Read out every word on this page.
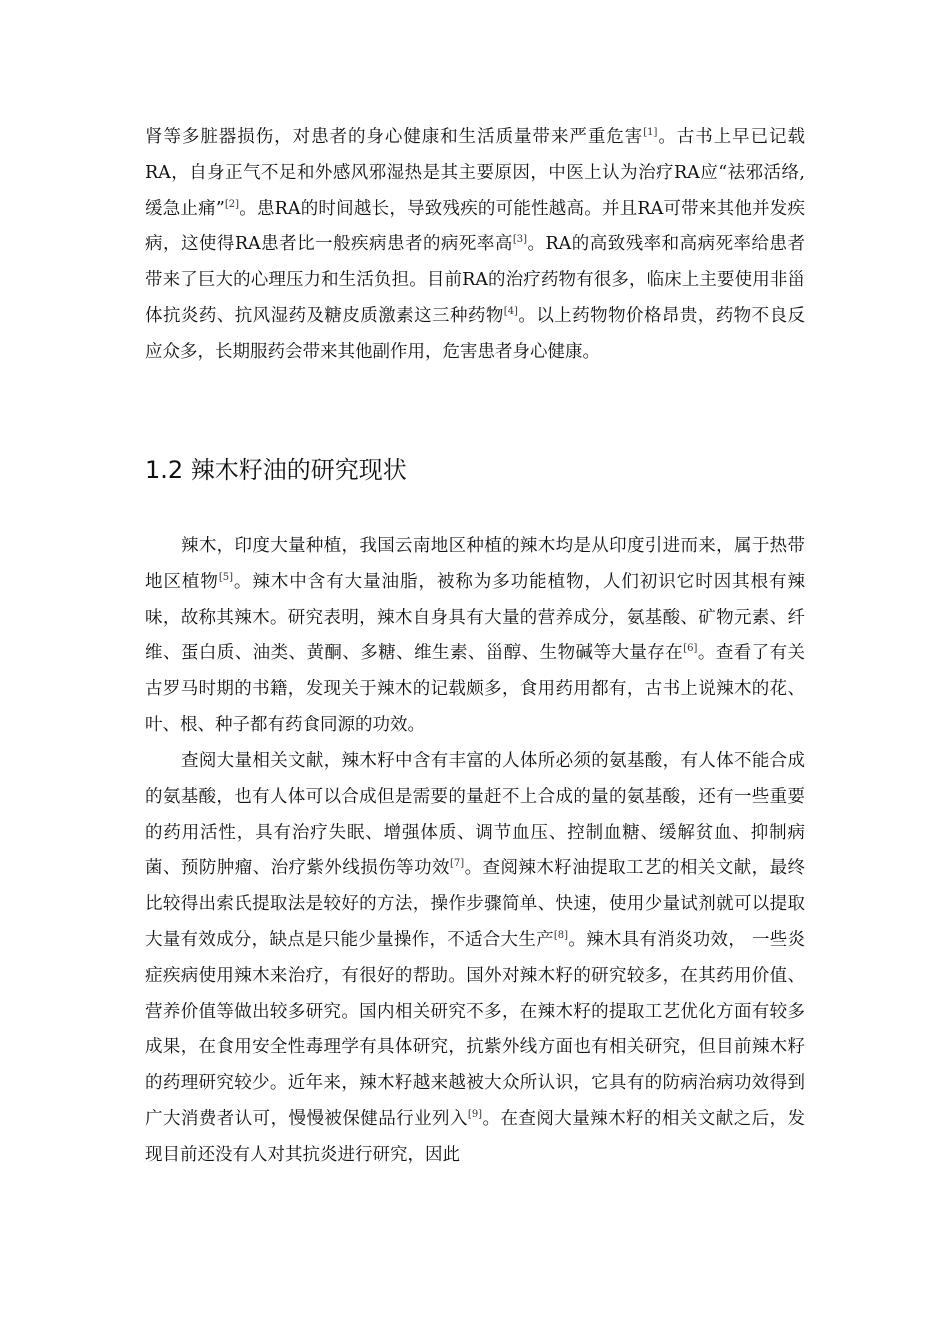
肾等多脏器损伤，对患者的身心健康和生活质量带来严重危害[1]。古书上早已记载RA，自身正气不足和外感风邪湿热是其主要原因，中医上认为治疗RA应“祛邪活络,缓急止痛”[2]。患RA的时间越长，导致残疾的可能性越高。并且RA可带来其他并发疾病，这使得RA患者比一般疾病患者的病死率高[3]。RA的高致残率和高病死率给患者带来了巨大的心理压力和生活负担。目前RA的治疗药物有很多，临床上主要使用非甾体抗炎药、抗风湿药及糖皮质激素这三种药物[4]。以上药物物价格昂贵，药物不良反应众多，长期服药会带来其他副作用，危害患者身心健康。

1.2 辣木籽油的研究现状

辣木，印度大量种植，我国云南地区种植的辣木均是从印度引进而来，属于热带地区植物[5]。辣木中含有大量油脂，被称为多功能植物，人们初识它时因其根有辣味，故称其辣木。研究表明，辣木自身具有大量的营养成分，氨基酸、矿物元素、纤维、蛋白质、油类、黄酮、多糖、维生素、甾醇、生物碱等大量存在[6]。查看了有关古罗马时期的书籍，发现关于辣木的记载颇多，食用药用都有，古书上说辣木的花、叶、根、种子都有药食同源的功效。

查阅大量相关文献，辣木籽中含有丰富的人体所必须的氨基酸，有人体不能合成的氨基酸，也有人体可以合成但是需要的量赶不上合成的量的氨基酸，还有一些重要的药用活性，具有治疗失眠、增强体质、调节血压、控制血糖、缓解贫血、抑制病菌、预防肿瘤、治疗紫外线损伤等功效[7]。查阅辣木籽油提取工艺的相关文献，最终比较得出索氏提取法是较好的方法，操作步骤简单、快速，使用少量试剂就可以提取大量有效成分，缺点是只能少量操作，不适合大生产[8]。辣木具有消炎功效， 一些炎症疾病使用辣木来治疗，有很好的帮助。国外对辣木籽的研究较多，在其药用价值、营养价值等做出较多研究。国内相关研究不多，在辣木籽的提取工艺优化方面有较多成果，在食用安全性毒理学有具体研究，抗紫外线方面也有相关研究，但目前辣木籽的药理研究较少。近年来，辣木籽越来越被大众所认识，它具有的防病治病功效得到广大消费者认可，慢慢被保健品行业列入[9]。在查阅大量辣木籽的相关文献之后，发现目前还没有人对其抗炎进行研究，因此
